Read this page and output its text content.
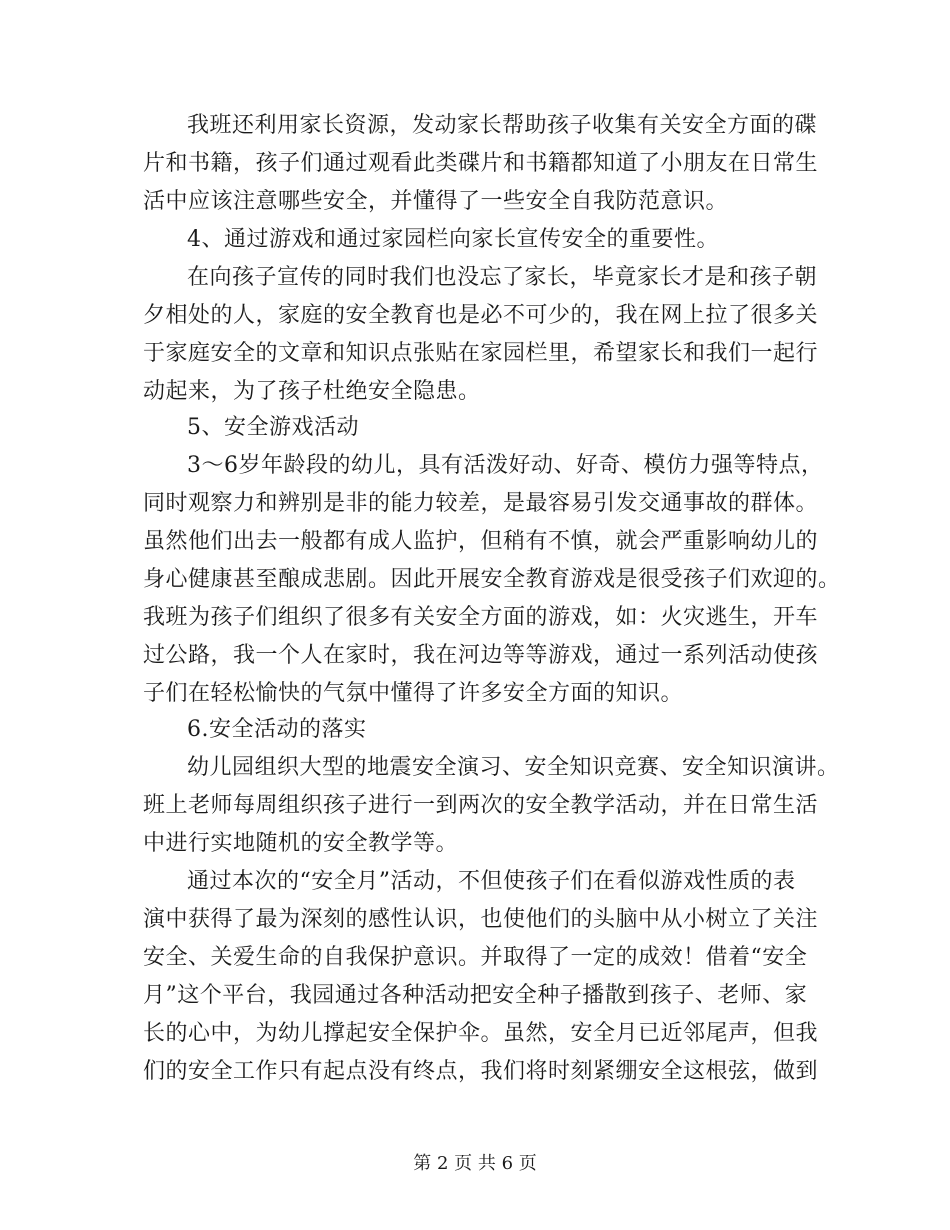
我班还利用家长资源，发动家长帮助孩子收集有关安全方面的碟
片和书籍，孩子们通过观看此类碟片和书籍都知道了小朋友在日常生
活中应该注意哪些安全，并懂得了一些安全自我防范意识。
4、通过游戏和通过家园栏向家长宣传安全的重要性。
在向孩子宣传的同时我们也没忘了家长，毕竟家长才是和孩子朝
夕相处的人，家庭的安全教育也是必不可少的，我在网上拉了很多关
于家庭安全的文章和知识点张贴在家园栏里，希望家长和我们一起行
动起来，为了孩子杜绝安全隐患。
5、安全游戏活动
3～6岁年龄段的幼儿，具有活泼好动、好奇、模仿力强等特点，
同时观察力和辨别是非的能力较差，是最容易引发交通事故的群体。
虽然他们出去一般都有成人监护，但稍有不慎，就会严重影响幼儿的
身心健康甚至酿成悲剧。因此开展安全教育游戏是很受孩子们欢迎的。
我班为孩子们组织了很多有关安全方面的游戏，如：火灾逃生，开车
过公路，我一个人在家时，我在河边等等游戏，通过一系列活动使孩
子们在轻松愉快的气氛中懂得了许多安全方面的知识。
6.安全活动的落实
幼儿园组织大型的地震安全演习、安全知识竞赛、安全知识演讲。
班上老师每周组织孩子进行一到两次的安全教学活动，并在日常生活
中进行实地随机的安全教学等。
通过本次的“安全月”活动，不但使孩子们在看似游戏性质的表
演中获得了最为深刻的感性认识，也使他们的头脑中从小树立了关注
安全、关爱生命的自我保护意识。并取得了一定的成效！借着“安全
月”这个平台，我园通过各种活动把安全种子播散到孩子、老师、家
长的心中，为幼儿撑起安全保护伞。虽然，安全月已近邻尾声，但我
们的安全工作只有起点没有终点，我们将时刻紧绷安全这根弦，做到
第 2 页 共 6 页
